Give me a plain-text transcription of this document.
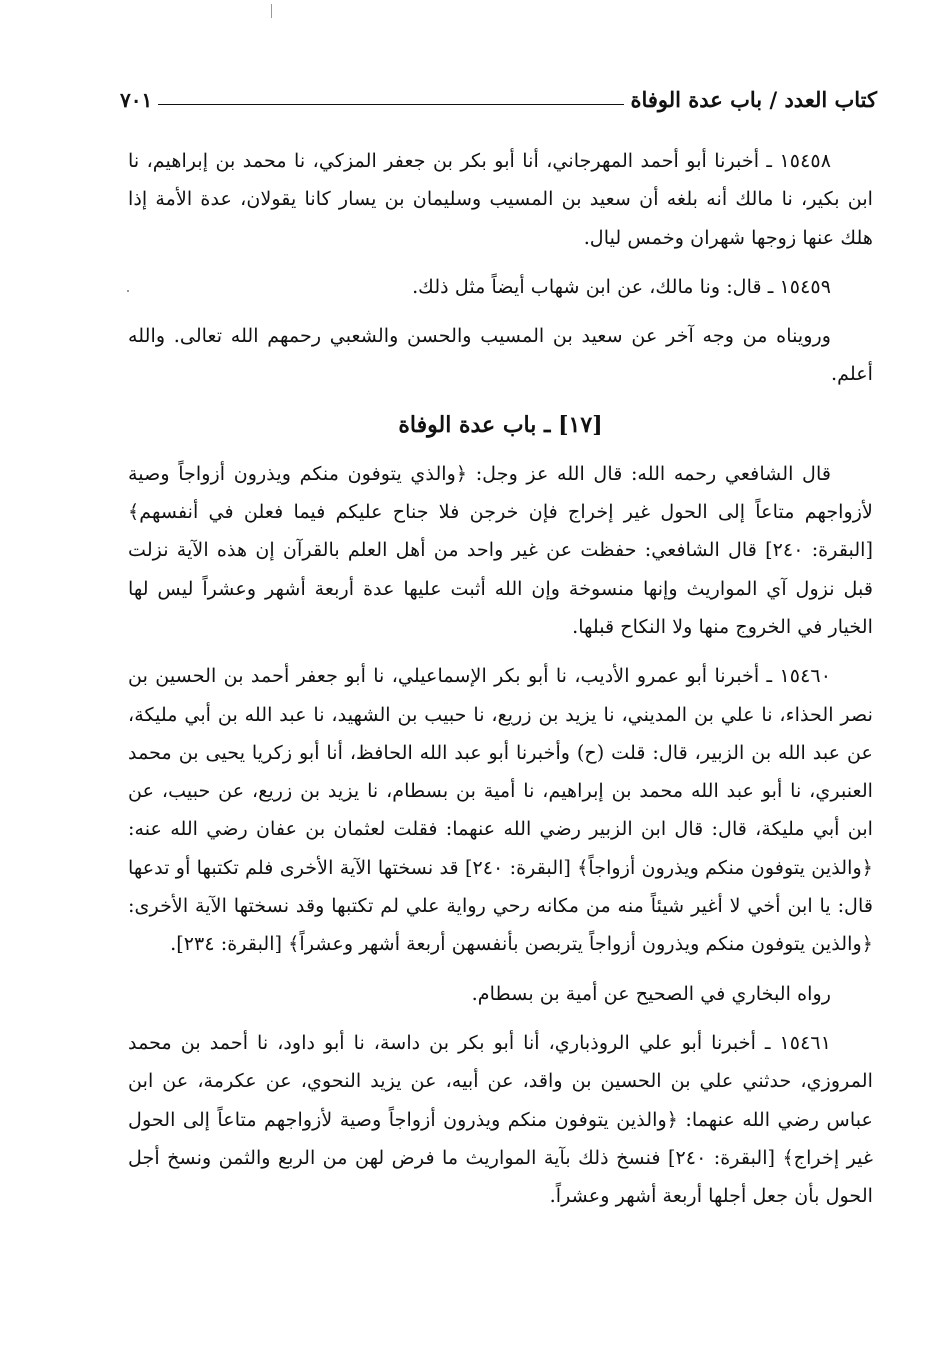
كتاب العدد / باب عدة الوفاة
٧٠١

١٥٤٥٨ ـ أخبرنا أبو أحمد المهرجاني، أنا أبو بكر بن جعفر المزكي، نا محمد بن إبراهيم، نا ابن بكير، نا مالك أنه بلغه أن سعيد بن المسيب وسليمان بن يسار كانا يقولان، عدة الأمة إذا هلك عنها زوجها شهران وخمس ليال.

١٥٤٥٩ ـ قال: ونا مالك، عن ابن شهاب أيضاً مثل ذلك.

ورويناه من وجه آخر عن سعيد بن المسيب والحسن والشعبي رحمهم الله تعالى. والله أعلم.

[١٧] ـ باب عدة الوفاة

قال الشافعي رحمه الله: قال الله عز وجل: ﴿والذي يتوفون منكم ويذرون أزواجاً وصية لأزواجهم متاعاً إلى الحول غير إخراج فإن خرجن فلا جناح عليكم فيما فعلن في أنفسهم﴾ [البقرة: ٢٤٠] قال الشافعي: حفظت عن غير واحد من أهل العلم بالقرآن إن هذه الآية نزلت قبل نزول آي المواريث وإنها منسوخة وإن الله أثبت عليها عدة أربعة أشهر وعشراً ليس لها الخيار في الخروج منها ولا النكاح قبلها.

١٥٤٦٠ ـ أخبرنا أبو عمرو الأديب، نا أبو بكر الإسماعيلي، نا أبو جعفر أحمد بن الحسين بن نصر الحذاء، نا علي بن المديني، نا يزيد بن زريع، نا حبيب بن الشهيد، نا عبد الله بن أبي مليكة، عن عبد الله بن الزبير، قال: قلت (ح) وأخبرنا أبو عبد الله الحافظ، أنا أبو زكريا يحيى بن محمد العنبري، نا أبو عبد الله محمد بن إبراهيم، نا أمية بن بسطام، نا يزيد بن زريع، عن حبيب، عن ابن أبي مليكة، قال: قال ابن الزبير رضي الله عنهما: فقلت لعثمان بن عفان رضي الله عنه: ﴿والذين يتوفون منكم ويذرون أزواجاً﴾ [البقرة: ٢٤٠] قد نسختها الآية الأخرى فلم تكتبها أو تدعها قال: يا ابن أخي لا أغير شيئاً منه من مكانه رحي رواية علي لم تكتبها وقد نسختها الآية الأخرى: ﴿والذين يتوفون منكم ويذرون أزواجاً يتربصن بأنفسهن أربعة أشهر وعشراً﴾ [البقرة: ٢٣٤].

رواه البخاري في الصحيح عن أمية بن بسطام.

١٥٤٦١ ـ أخبرنا أبو علي الروذباري، أنا أبو بكر بن داسة، نا أبو داود، نا أحمد بن محمد المروزي، حدثني علي بن الحسين بن واقد، عن أبيه، عن يزيد النحوي، عن عكرمة، عن ابن عباس رضي الله عنهما: ﴿والذين يتوفون منكم ويذرون أزواجاً وصية لأزواجهم متاعاً إلى الحول غير إخراج﴾ [البقرة: ٢٤٠] فنسخ ذلك بآية المواريث ما فرض لهن من الربع والثمن ونسخ أجل الحول بأن جعل أجلها أربعة أشهر وعشراً.
